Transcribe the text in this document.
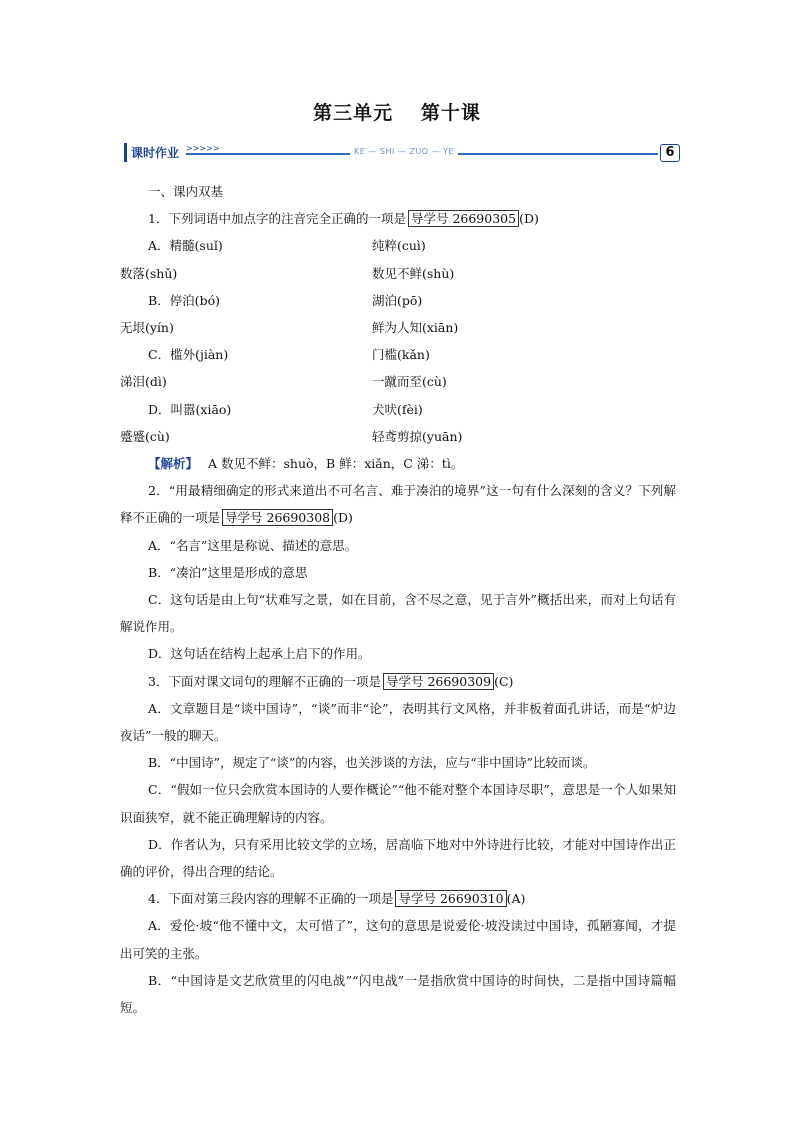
第三单元 第十课
课时作业 >>>>>	KE — SHI — ZUO — YE	6

一、课内双基

1．下列词语中加点字的注音完全正确的一项是 导学号 26690305 (D)

A．精髓(suǐ)	纯粹(cuì)
数落(shǔ)	数见不鲜(shù)
B．停泊(bó)	湖泊(pō)
无垠(yín)	鲜为人知(xiān)
C．槛外(jiàn)	门槛(kǎn)
涕泪(dì)	一蹴而至(cù)
D．叫嚣(xiāo)	犬吠(fèi)
蹙蹙(cù)	轻鸢剪掠(yuān)

【解析】 A 数见不鲜：shuò，B 鲜：xiǎn，C 涕：tì。

2．“用最精细确定的形式来道出不可名言、难于凑泊的境界”这一句有什么深刻的含义？下列解释不正确的一项是 导学号 26690308 (D)

A．“名言”这里是称说、描述的意思。

B．“凑泊”这里是形成的意思

C．这句话是由上句“状难写之景，如在目前，含不尽之意，见于言外”概括出来，而对上句话有解说作用。

D．这句话在结构上起承上启下的作用。

3．下面对课文词句的理解不正确的一项是 导学号 26690309 (C)

A．文章题目是“谈中国诗”，“谈”而非“论”，表明其行文风格，并非板着面孔讲话，而是“炉边夜话”一般的聊天。

B．“中国诗”，规定了“谈”的内容，也关涉谈的方法，应与“非中国诗”比较而谈。

C．“假如一位只会欣赏本国诗的人要作概论”“他不能对整个本国诗尽职”，意思是一个人如果知识面狭窄，就不能正确理解诗的内容。

D．作者认为，只有采用比较文学的立场，居高临下地对中外诗进行比较，才能对中国诗作出正确的评价，得出合理的结论。

4．下面对第三段内容的理解不正确的一项是 导学号 26690310 (A)

A．爱伦·坡“他不懂中文，太可惜了”，这句的意思是说爱伦·坡没读过中国诗，孤陋寡闻，才提出可笑的主张。

B．“中国诗是文艺欣赏里的闪电战”“闪电战”一是指欣赏中国诗的时间快，二是指中国诗篇幅短。
